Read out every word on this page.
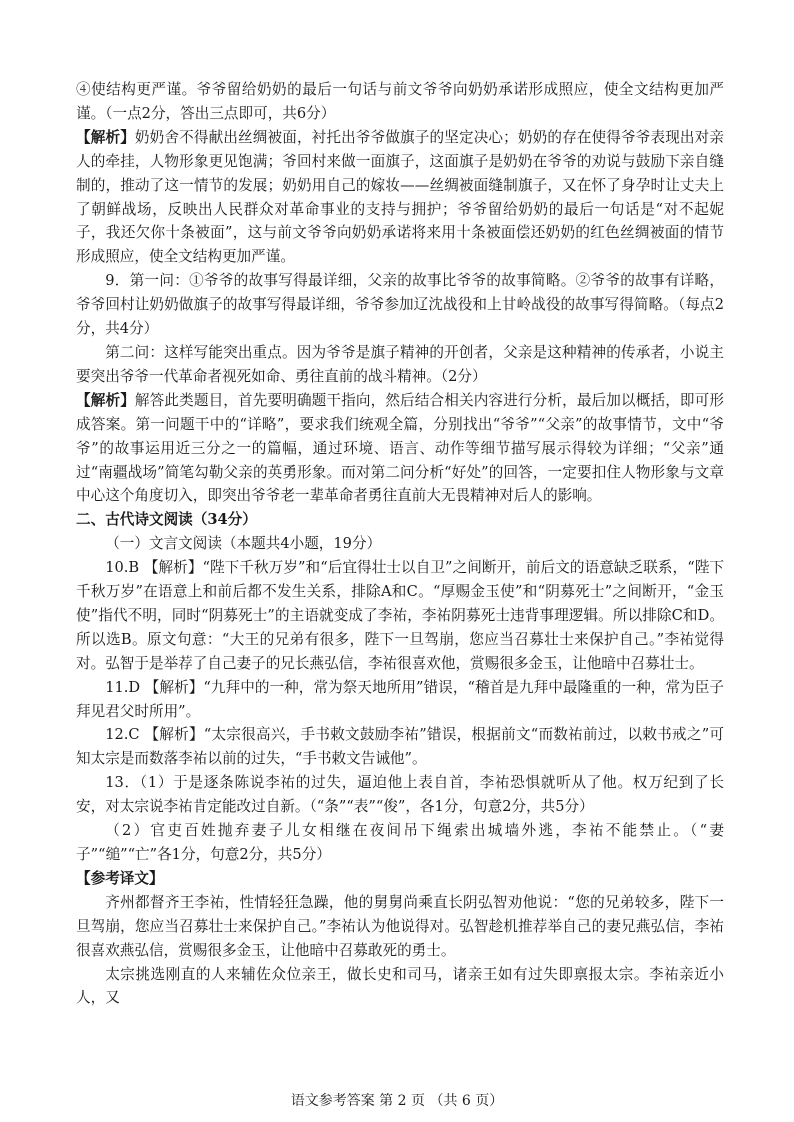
④使结构更严谨。爷爷留给奶奶的最后一句话与前文爷爷向奶奶承诺形成照应，使全文结构更加严谨。（一点2分，答出三点即可，共6分）

【解析】奶奶舍不得献出丝绸被面，衬托出爷爷做旗子的坚定决心；奶奶的存在使得爷爷表现出对亲人的牵挂，人物形象更见饱满；爷回村来做一面旗子，这面旗子是奶奶在爷爷的劝说与鼓励下亲自缝制的，推动了这一情节的发展；奶奶用自己的嫁妆——丝绸被面缝制旗子，又在怀了身孕时让丈夫上了朝鲜战场，反映出人民群众对革命事业的支持与拥护；爷爷留给奶奶的最后一句话是“对不起妮子，我还欠你十条被面”，这与前文爷爷向奶奶承诺将来用十条被面偿还奶奶的红色丝绸被面的情节形成照应，使全文结构更加严谨。

9．第一问：①爷爷的故事写得最详细，父亲的故事比爷爷的故事简略。②爷爷的故事有详略，爷爷回村让奶奶做旗子的故事写得最详细，爷爷参加辽沈战役和上甘岭战役的故事写得简略。（每点2分，共4分）

第二问：这样写能突出重点。因为爷爷是旗子精神的开创者，父亲是这种精神的传承者，小说主要突出爷爷一代革命者视死如命、勇往直前的战斗精神。（2分）

【解析】解答此类题目，首先要明确题干指向，然后结合相关内容进行分析，最后加以概括，即可形成答案。第一问题干中的“详略”，要求我们统观全篇，分别找出“爷爷”“父亲”的故事情节，文中“爷爷”的故事运用近三分之一的篇幅，通过环境、语言、动作等细节描写展示得较为详细；“父亲”通过“南疆战场”简笔勾勒父亲的英勇形象。而对第二问分析“好处”的回答，一定要扣住人物形象与文章中心这个角度切入，即突出爷爷老一辈革命者勇往直前大无畏精神对后人的影响。

二、古代诗文阅读（34分）

（一）文言文阅读（本题共4小题，19分）

10.B 【解析】“陛下千秋万岁”和“后宜得壮士以自卫”之间断开，前后文的语意缺乏联系，“陛下千秋万岁”在语意上和前后都不发生关系，排除A和C。“厚赐金玉使”和“阴募死士”之间断开，“金玉使”指代不明，同时“阴募死士”的主语就变成了李祐，李祐阴募死士违背事理逻辑。所以排除C和D。所以选B。原文句意：“大王的兄弟有很多，陛下一旦驾崩，您应当召募壮士来保护自己。”李祐觉得对。弘智于是举荐了自己妻子的兄长燕弘信，李祐很喜欢他，赏赐很多金玉，让他暗中召募壮士。

11.D 【解析】“九拜中的一种，常为祭天地所用”错误，“稽首是九拜中最隆重的一种，常为臣子拜见君父时所用”。

12.C 【解析】“太宗很高兴，手书敕文鼓励李祐”错误，根据前文“而数祐前过，以敕书戒之”可知太宗是而数落李祐以前的过失，“手书敕文告诫他”。

13．（1）于是逐条陈说李祐的过失，逼迫他上表自首，李祐恐惧就听从了他。权万纪到了长安，对太宗说李祐肯定能改过自新。（“条”“表”“俊”，各1分，句意2分，共5分）

（2）官吏百姓抛弃妻子儿女相继在夜间吊下绳索出城墙外逃，李祐不能禁止。（“妻子”“缒”“亡”各1分，句意2分，共5分）

【参考译文】

齐州都督齐王李祐，性情轻狂急躁，他的舅舅尚乘直长阴弘智劝他说：“您的兄弟较多，陛下一旦驾崩，您应当召募壮士来保护自己。”李祐认为他说得对。弘智趁机推荐举自己的妻兄燕弘信，李祐很喜欢燕弘信，赏赐很多金玉，让他暗中召募敢死的勇士。

太宗挑选刚直的人来辅佐众位亲王，做长史和司马，诸亲王如有过失即禀报太宗。李祐亲近小人，又

语文参考答案 第 2 页 （共 6 页）
